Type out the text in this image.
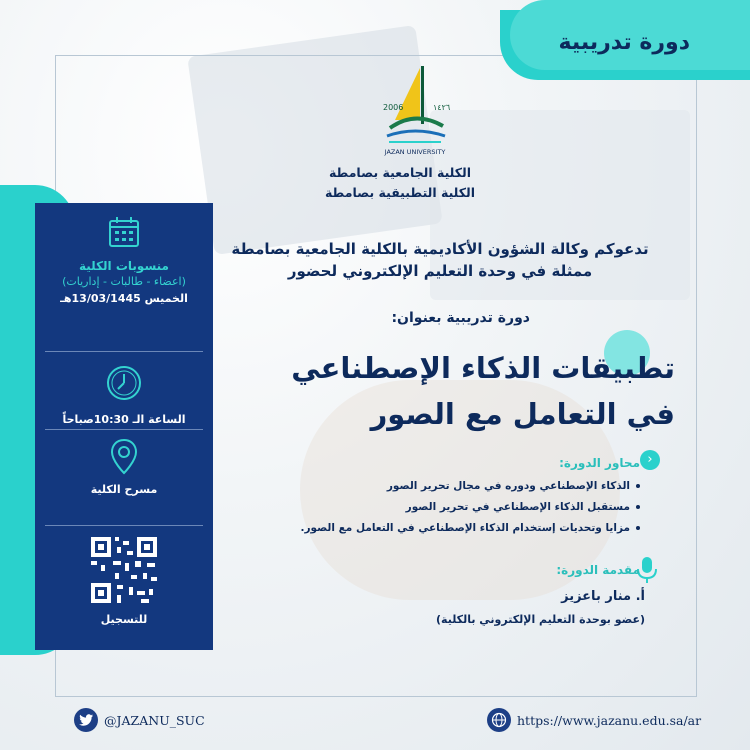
دورة تدريبية
2006	١٤٢٦
JAZAN UNIVERSITY
الكلية الجامعية بصامطة
الكلية التطبيقية بصامطة
تدعوكم وكالة الشؤون الأكاديمية بالكلية الجامعية بصامطة
ممثلة في وحدة التعليم الإلكتروني لحضور
دورة تدريبية بعنوان:
تطبيقات الذكاء الإصطناعي
في التعامل مع الصور
›
محاور الدورة:
الذكاء الإصطناعي ودوره في مجال تحرير الصور
مستقبل الذكاء الإصطناعي في تحرير الصور
مزايا وتحديات إستخدام الذكاء الإصطناعي في التعامل مع الصور.
مقدمة الدورة:
أ. منار باعزيز
(عضو بوحدة التعليم الإلكتروني بالكلية)
منسوبات الكلية
(اعضاء - طالبات - إداريات)
الخميس 13/03/1445هـ
الساعة الـ 10:30صباحاً
مسرح الكلية
للتسجيل
@JAZANU_SUC	https://www.jazanu.edu.sa/ar
